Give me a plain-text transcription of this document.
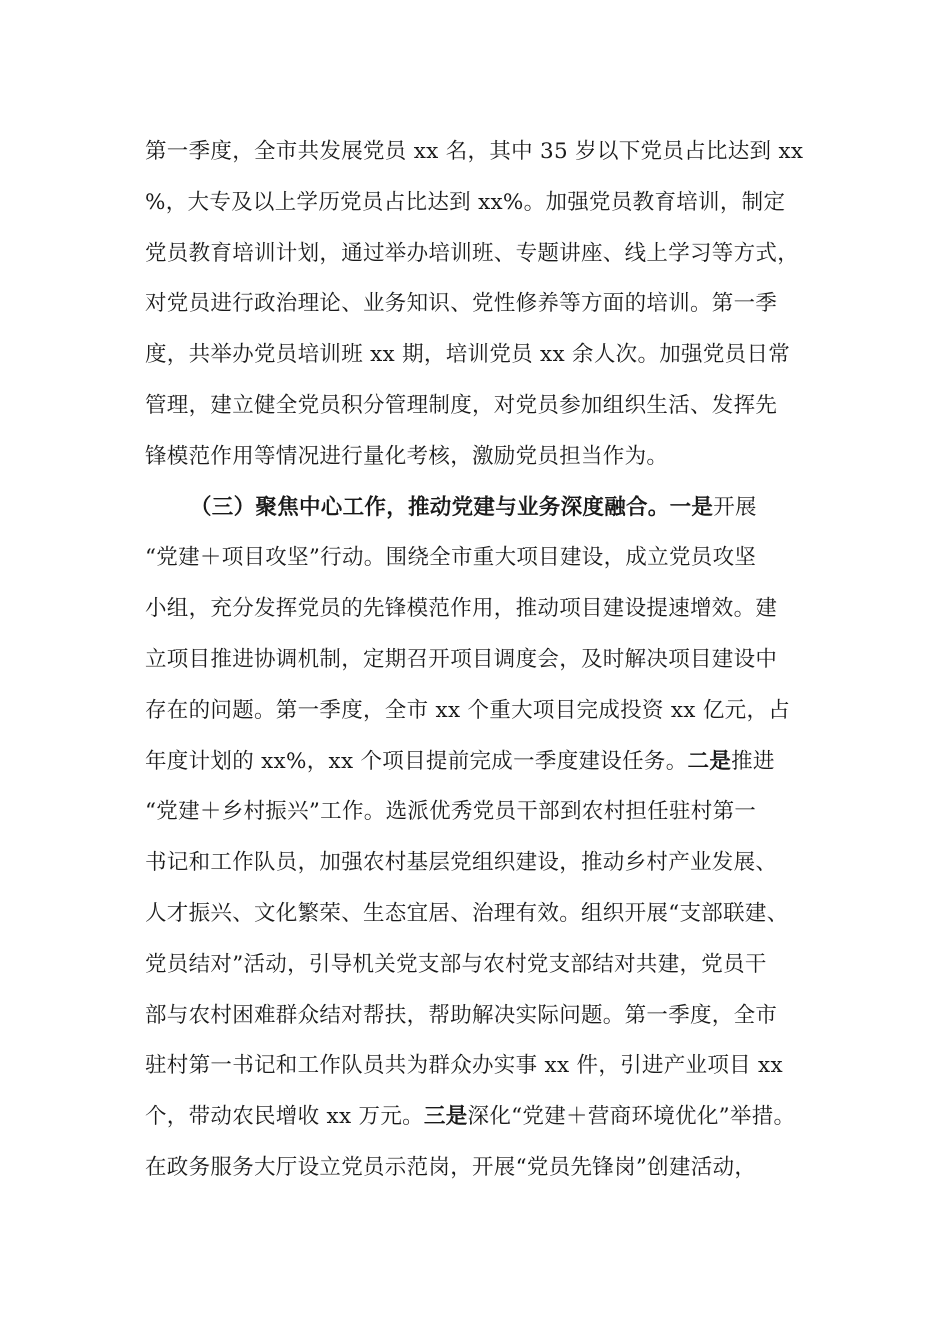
第一季度，全市共发展党员 xx 名，其中 35 岁以下党员占比达到 xx
%，大专及以上学历党员占比达到 xx%。加强党员教育培训，制定
党员教育培训计划，通过举办培训班、专题讲座、线上学习等方式，
对党员进行政治理论、业务知识、党性修养等方面的培训。第一季
度，共举办党员培训班 xx 期，培训党员 xx 余人次。加强党员日常
管理，建立健全党员积分管理制度，对党员参加组织生活、发挥先
锋模范作用等情况进行量化考核，激励党员担当作为。
（三）聚焦中心工作，推动党建与业务深度融合。一是开展
“党建＋项目攻坚”行动。围绕全市重大项目建设，成立党员攻坚
小组，充分发挥党员的先锋模范作用，推动项目建设提速增效。建
立项目推进协调机制，定期召开项目调度会，及时解决项目建设中
存在的问题。第一季度，全市 xx 个重大项目完成投资 xx 亿元，占
年度计划的 xx%，xx 个项目提前完成一季度建设任务。二是推进
“党建＋乡村振兴”工作。选派优秀党员干部到农村担任驻村第一
书记和工作队员，加强农村基层党组织建设，推动乡村产业发展、
人才振兴、文化繁荣、生态宜居、治理有效。组织开展“支部联建、
党员结对”活动，引导机关党支部与农村党支部结对共建，党员干
部与农村困难群众结对帮扶，帮助解决实际问题。第一季度，全市
驻村第一书记和工作队员共为群众办实事 xx 件，引进产业项目 xx
个，带动农民增收 xx 万元。三是深化“党建＋营商环境优化”举措。
在政务服务大厅设立党员示范岗，开展“党员先锋岗”创建活动，
